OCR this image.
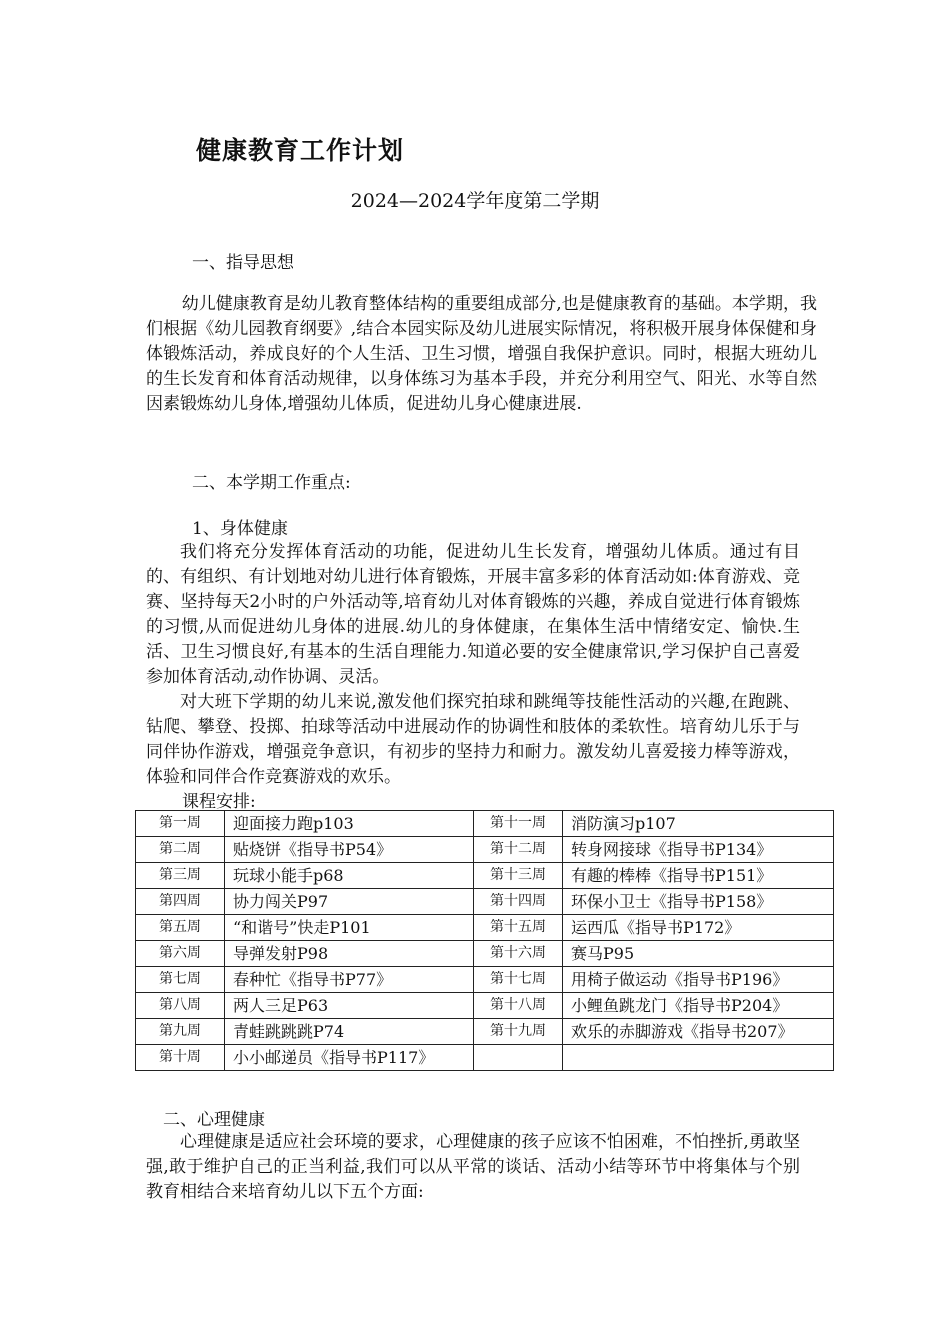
健康教育工作计划
2024—2024学年度第二学期
一、指导思想

幼儿健康教育是幼儿教育整体结构的重要组成部分,也是健康教育的基础。本学期，我们根据《幼儿园教育纲要》,结合本园实际及幼儿进展实际情况，将积极开展身体保健和身体锻炼活动，养成良好的个人生活、卫生习惯，增强自我保护意识。同时，根据大班幼儿的生长发育和体育活动规律，以身体练习为基本手段，并充分利用空气、阳光、水等自然因素锻炼幼儿身体,增强幼儿体质，促进幼儿身心健康进展.

二、本学期工作重点:
1、身体健康

我们将充分发挥体育活动的功能，促进幼儿生长发育，增强幼儿体质。通过有目的、有组织、有计划地对幼儿进行体育锻炼，开展丰富多彩的体育活动如:体育游戏、竞赛、坚持每天2小时的户外活动等,培育幼儿对体育锻炼的兴趣，养成自觉进行体育锻炼的习惯,从而促进幼儿身体的进展.幼儿的身体健康，在集体生活中情绪安定、愉快.生活、卫生习惯良好,有基本的生活自理能力.知道必要的安全健康常识,学习保护自己喜爱参加体育活动,动作协调、灵活。

对大班下学期的幼儿来说,激发他们探究拍球和跳绳等技能性活动的兴趣,在跑跳、钻爬、攀登、投掷、拍球等活动中进展动作的协调性和肢体的柔软性。培育幼儿乐于与同伴协作游戏，增强竞争意识，有初步的坚持力和耐力。激发幼儿喜爱接力棒等游戏，体验和同伴合作竞赛游戏的欢乐。

课程安排:
第一周	迎面接力跑p103	第十一周	消防演习p107
第二周	贴烧饼《指导书P54》	第十二周	转身网接球《指导书P134》
第三周	玩球小能手p68	第十三周	有趣的棒棒《指导书P151》
第四周	协力闯关P97	第十四周	环保小卫士《指导书P158》
第五周	“和谐号”快走P101	第十五周	运西瓜《指导书P172》
第六周	导弹发射P98	第十六周	赛马P95
第七周	春种忙《指导书P77》	第十七周	用椅子做运动《指导书P196》
第八周	两人三足P63	第十八周	小鲤鱼跳龙门《指导书P204》
第九周	青蛙跳跳跳P74	第十九周	欢乐的赤脚游戏《指导书207》
第十周	小小邮递员《指导书P117》		
二、心理健康

心理健康是适应社会环境的要求，心理健康的孩子应该不怕困难，不怕挫折,勇敢坚强,敢于维护自己的正当利益,我们可以从平常的谈话、活动小结等环节中将集体与个别教育相结合来培育幼儿以下五个方面:
